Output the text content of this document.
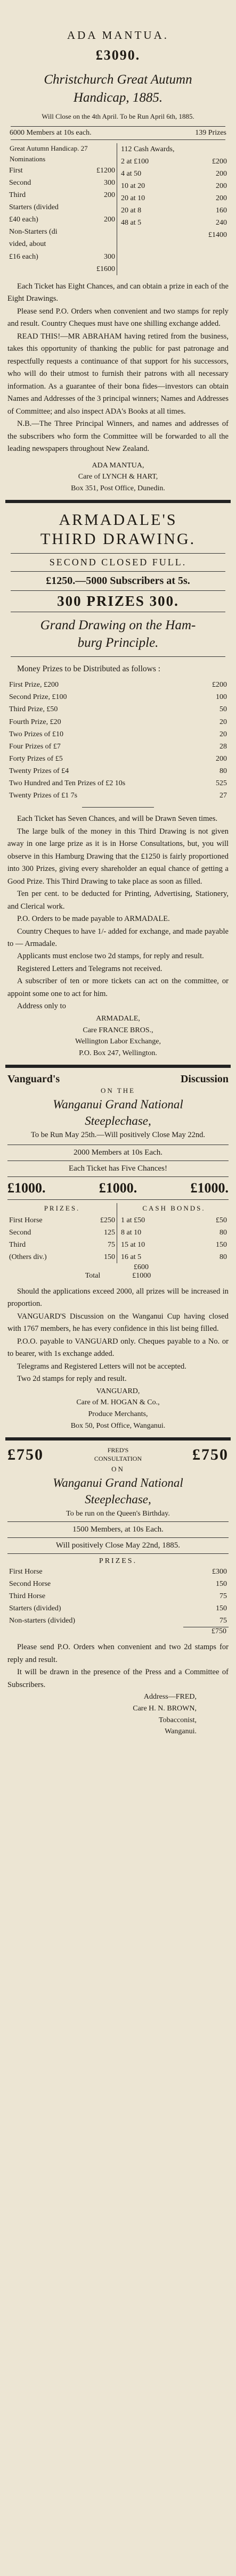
ADA MANTUA.
£3090.
Christchurch Great Autumn
Handicap, 1885.
Will Close on the 4th April. To be Run April 6th, 1885.
6000 Members at 10s each.	139 Prizes
Great Autumn Handicap. 27 Nominations
First	£1200
Second	300
Third	200
Starters (divided	
£40 each)	200
Non-Starters (di	
vided, about	
£16 each)	300

	£1600
112 Cash Awards,	
2 at £100	£200
4 at 50	200
10 at 20	200
20 at 10	200
20 at 8	160
48 at 5	240

	£1400

Each Ticket has Eight Chances, and can obtain a prize in each of the Eight Drawings.

Please send P.O. Orders when convenient and two stamps for reply and result. Country Cheques must have one shilling exchange added.

READ THIS!—MR ABRAHAM having retired from the business, takes this opportunity of thanking the public for past patronage and respectfully requests a continuance of that support for his successors, who will do their utmost to furnish their patrons with all necessary information. As a guarantee of their bona fides—investors can obtain Names and Addresses of the 3 principal winners; Names and Addresses of Committee; and also inspect ADA's Books at all times.

N.B.—The Three Principal Winners, and names and addresses of the subscribers who form the Committee will be forwarded to all the leading newspapers throughout New Zealand.

ADA MANTUA,
Care of LYNCH & HART,
Box 351, Post Office, Dunedin.
ARMADALE'S
THIRD DRAWING.
SECOND CLOSED FULL.
£1250.—5000 Subscribers at 5s.
300 PRIZES 300.
Grand Drawing on the Ham-
burg Principle.

Money Prizes to be Distributed as follows :

First Prize, £200	£200
Second Prize, £100	100
Third Prize, £50	50
Fourth Prize, £20	20
Two Prizes of £10	20
Four Prizes of £7	28
Forty Prizes of £5	200
Twenty Prizes of £4	80
Two Hundred and Ten Prizes of £2 10s	525
Twenty Prizes of £1 7s	27

Each Ticket has Seven Chances, and will be Drawn Seven times.

The large bulk of the money in this Third Drawing is not given away in one large prize as it is in Horse Consultations, but, you will observe in this Hamburg Drawing that the £1250 is fairly proportioned into 300 Prizes, giving every shareholder an equal chance of getting a Good Prize. This Third Drawing to take place as soon as filled.

Ten per cent. to be deducted for Printing, Advertising, Stationery, and Clerical work.

P.O. Orders to be made payable to ARMADALE.

Country Cheques to have 1/- added for exchange, and made payable to — Armadale.

Applicants must enclose two 2d stamps, for reply and result.

Registered Letters and Telegrams not received.

A subscriber of ten or more tickets can act on the committee, or appoint some one to act for him.

Address only to

ARMADALE,
Care FRANCE BROS.,
Wellington Labor Exchange,
P.O. Box 247, Wellington.
Vanguard's	Discussion
ON THE
Wanganui Grand National
Steeplechase,

To be Run May 25th.—Will positively Close May 22nd.

2000 Members at 10s Each.
Each Ticket has Five Chances!
£1000.	£1000.	£1000.
PRIZES.
First Horse	£250
Second	125
Third	75
(Others div.)	150
CASH BONDS.
1 at £50	£50
8 at 10	80
15 at 10	150
16 at 5	80
£600
Total	£1000

Should the applications exceed 2000, all prizes will be increased in proportion.

VANGUARD'S Discussion on the Wanganui Cup having closed with 1767 members, he has every confidence in this list being filled.

P.O.O. payable to VANGUARD only. Cheques payable to a No. or to bearer, with 1s exchange added.

Telegrams and Registered Letters will not be accepted.

Two 2d stamps for reply and result.

VANGUARD,
Care of M. HOGAN & Co.,
Produce Merchants,
Box 50, Post Office, Wanganui.
£750	FRED'S
CONSULTATION	£750
ON
Wanganui Grand National
Steeplechase,
To be run on the Queen's Birthday.
1500 Members, at 10s Each.
Will positively Close May 22nd, 1885.
PRIZES.
First Horse	£300
Second Horse	150
Third Horse	75
Starters (divided)	150
Non-starters (divided)	75
£750

Please send P.O. Orders when convenient and two 2d stamps for reply and result.

It will be drawn in the presence of the Press and a Committee of Subscribers.

Address—FRED,
Care H. N. BROWN,
Tobacconist,
Wanganui.
